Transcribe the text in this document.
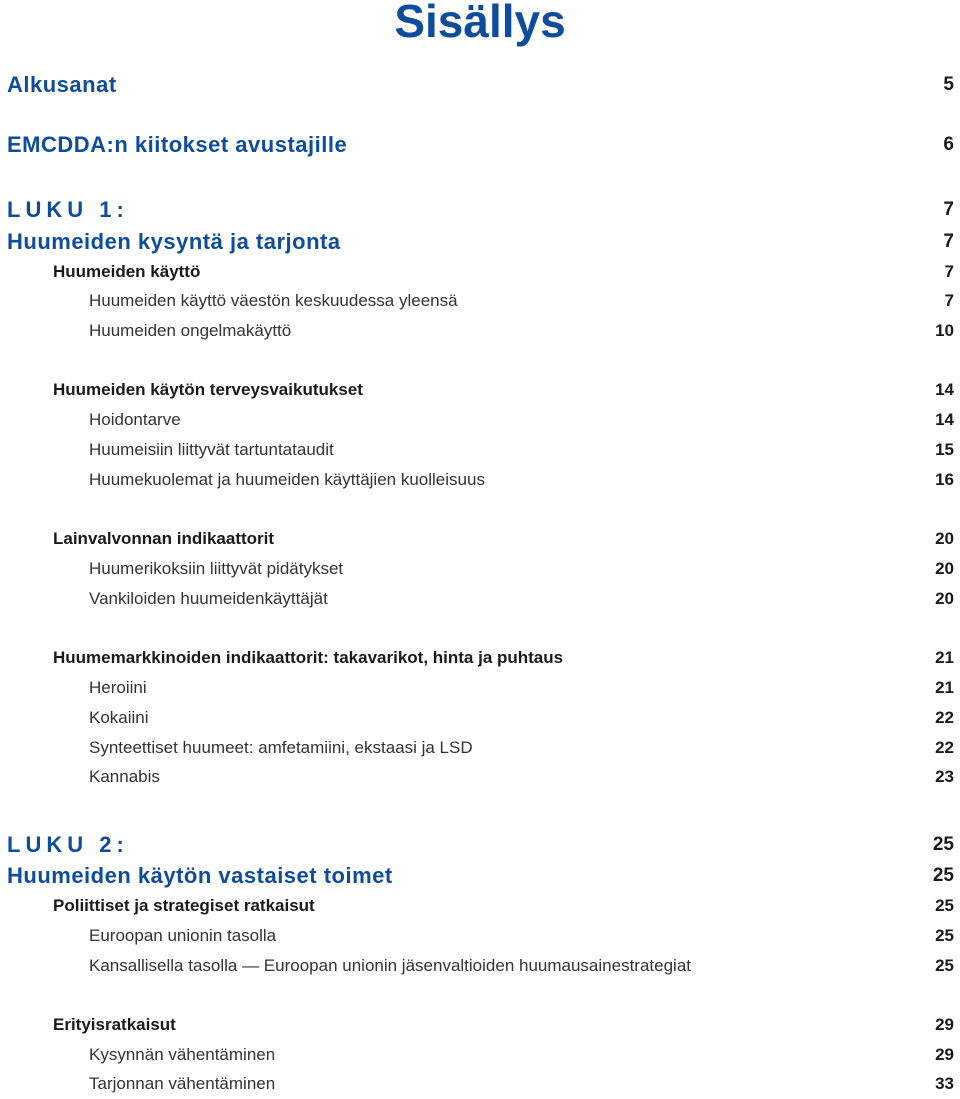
Sisällys
Alkusanat	5
EMCDDA:n kiitokset avustajille	6
LUKU 1:	7
Huumeiden kysyntä ja tarjonta	7
Huumeiden käyttö	7
Huumeiden käyttö väestön keskuudessa yleensä	7
Huumeiden ongelmakäyttö	10
Huumeiden käytön terveysvaikutukset	14
Hoidontarve	14
Huumeisiin liittyvät tartuntataudit	15
Huumekuolemat ja huumeiden käyttäjien kuolleisuus	16
Lainvalvonnan indikaattorit	20
Huumerikoksiin liittyvät pidätykset	20
Vankiloiden huumeidenkäyttäjät	20
Huumemarkkinoiden indikaattorit: takavarikot, hinta ja puhtaus	21
Heroiini	21
Kokaiini	22
Synteettiset huumeet: amfetamiini, ekstaasi ja LSD	22
Kannabis	23
LUKU 2:	25
Huumeiden käytön vastaiset toimet	25
Poliittiset ja strategiset ratkaisut	25
Euroopan unionin tasolla	25
Kansallisella tasolla — Euroopan unionin jäsenvaltioiden huumausainestrategiat	25
Erityisratkaisut	29
Kysynnän vähentäminen	29
Tarjonnan vähentäminen	33
